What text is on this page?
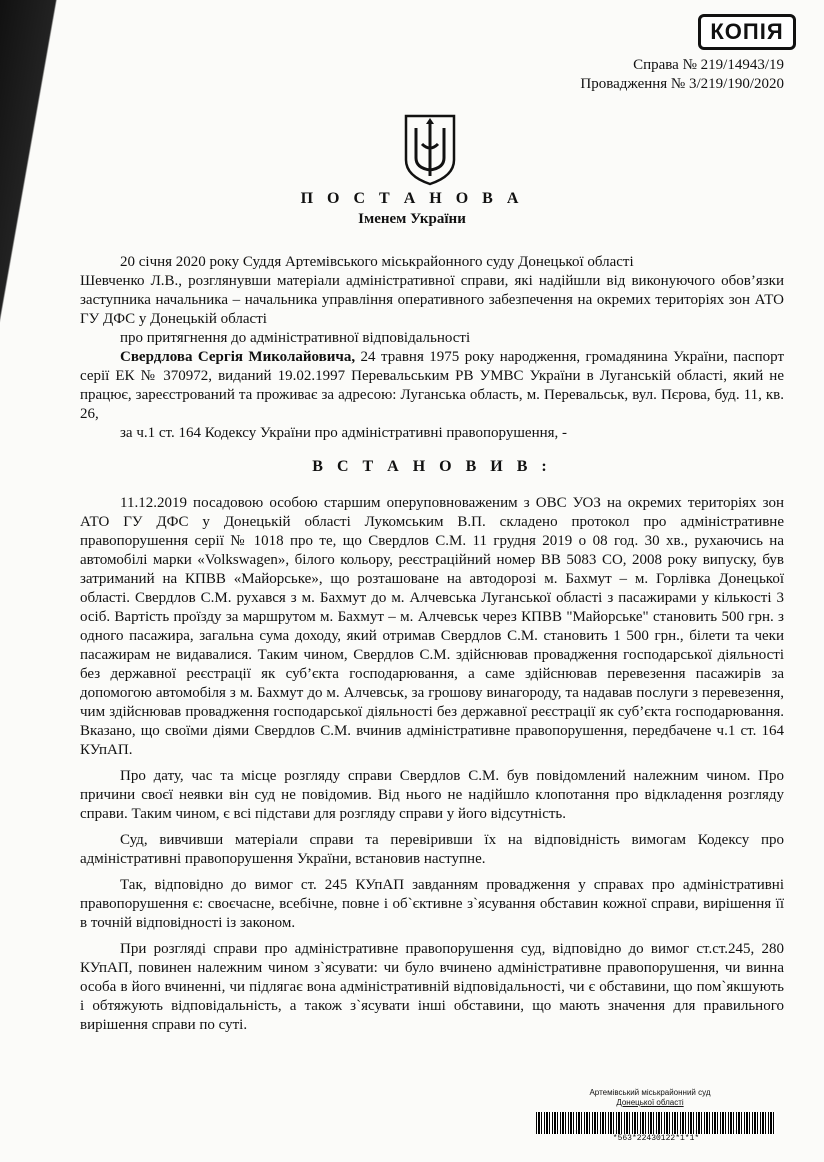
КОПІЯ
Справа № 219/14943/19
Провадження № 3/219/190/2020
П О С Т А Н О В А
Іменем України

20 січня 2020 року Суддя Артемівського міськрайонного суду Донецької області

Шевченко Л.В., розглянувши матеріали адміністративної справи, які надійшли від виконуючого обов’язки заступника начальника – начальника управління оперативного забезпечення на окремих територіях зон АТО ГУ ДФС у Донецькій області

про притягнення до адміністративної відповідальності

Свердлова Сергія Миколайовича, 24 травня 1975 року народження, громадянина України, паспорт серії ЕК № 370972, виданий 19.02.1997 Перевальським РВ УМВС України в Луганській області, який не працює, зареєстрований та проживає за адресою: Луганська область, м. Перевальськ, вул. Пєрова, буд. 11, кв. 26,

за ч.1 ст. 164 Кодексу України про адміністративні правопорушення, -

В С Т А Н О В И В :

11.12.2019 посадовою особою старшим оперуповноваженим з ОВС УОЗ на окремих територіях зон АТО ГУ ДФС у Донецькій області Лукомським В.П. складено протокол про адміністративне правопорушення серії № 1018 про те, що Свердлов С.М. 11 грудня 2019 о 08 год. 30 хв., рухаючись на автомобілі марки «Volkswagen», білого кольору, реєстраційний номер ВВ 5083 СО, 2008 року випуску, був затриманий на КПВВ «Майорське», що розташоване на автодорозі м. Бахмут – м. Горлівка Донецької області. Свердлов С.М. рухався з м. Бахмут до м. Алчевська Луганської області з пасажирами у кількості 3 осіб. Вартість проїзду за маршрутом м. Бахмут – м. Алчевськ через КПВВ "Майорське" становить 500 грн. з одного пасажира, загальна сума доходу, який отримав Свердлов С.М. становить 1 500 грн., білети та чеки пасажирам не видавалися. Таким чином, Свердлов С.М. здійснював провадження господарської діяльності без державної реєстрації як суб’єкта господарювання, а саме здійснював перевезення пасажирів за допомогою автомобіля з м. Бахмут до м. Алчевськ, за грошову винагороду, та надавав послуги з перевезення, чим здійснював провадження господарської діяльності без державної реєстрації як суб’єкта господарювання. Вказано, що своїми діями Свердлов С.М. вчинив адміністративне правопорушення, передбачене ч.1 ст. 164 КУпАП.

Про дату, час та місце розгляду справи Свердлов С.М. був повідомлений належним чином. Про причини своєї неявки він суд не повідомив. Від нього не надійшло клопотання про відкладення розгляду справи. Таким чином, є всі підстави для розгляду справи у його відсутність.

Суд, вивчивши матеріали справи та перевіривши їх на відповідність вимогам Кодексу про адміністративні правопорушення України, встановив наступне.

Так, відповідно до вимог ст. 245 КУпАП завданням провадження у справах про адміністративні правопорушення є: своєчасне, всебічне, повне і об`єктивне з`ясування обставин кожної справи, вирішення її в точній відповідності із законом.

При розгляді справи про адміністративне правопорушення суд, відповідно до вимог ст.ст.245, 280 КУпАП, повинен належним чином з`ясувати: чи було вчинено адміністративне правопорушення, чи винна особа в його вчиненні, чи підлягає вона адміністративній відповідальності, чи є обставини, що пом`якшують і обтяжують відповідальність, а також з`ясувати інші обставини, що мають значення для правильного вирішення справи по суті.

Артемівський міськрайонний суд
Донецької області
*563*22430122*1*1*
